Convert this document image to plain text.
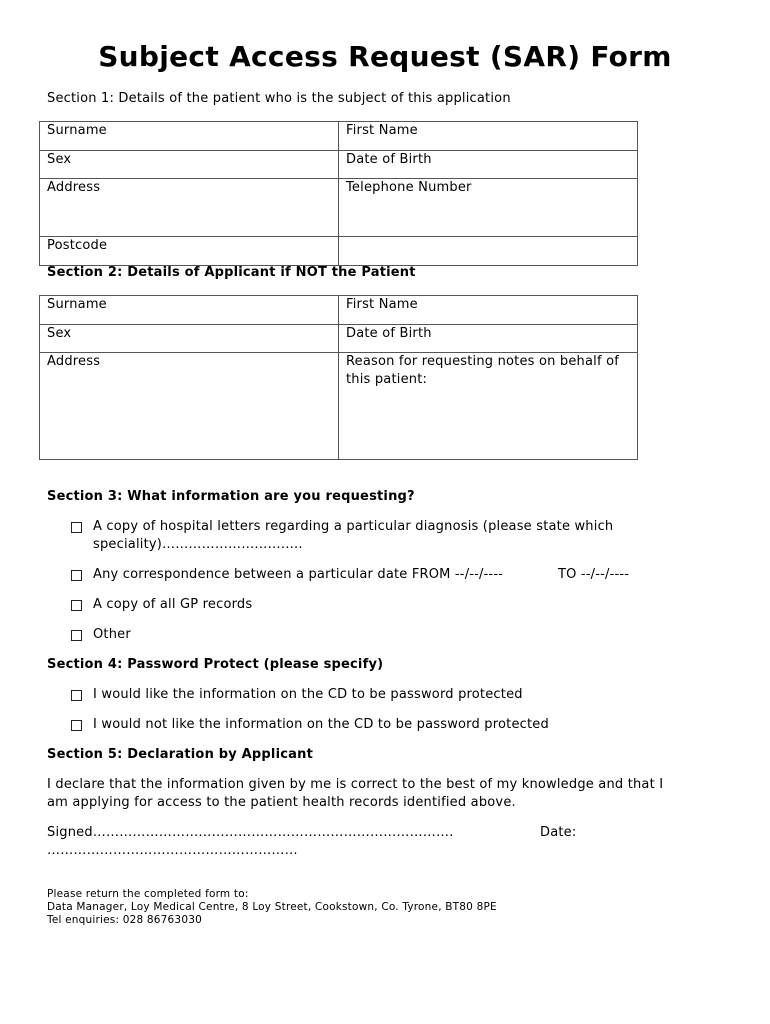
Subject Access Request (SAR) Form
Section 1: Details of the patient who is the subject of this application
Surname	First Name
Sex	Date of Birth
Address	Telephone Number
Postcode	
Section 2: Details of Applicant if NOT the Patient
Surname	First Name
Sex	Date of Birth
Address	Reason for requesting notes on behalf of this patient:
Section 3: What information are you requesting?
A copy of hospital letters regarding a particular diagnosis (please state which
speciality)…………………………..
Any correspondence between a particular date FROM --/--/----	TO --/--/----
A copy of all GP records
Other
Section 4: Password Protect (please specify)
I would like the information on the CD to be password protected
I would not like the information on the CD to be password protected
Section 5: Declaration by Applicant
I declare that the information given by me is correct to the best of my knowledge and that I
am applying for access to the patient health records identified above.
Signed……………………………………………………………………….	Date:
…………………………………………………
Please return the completed form to:
Data Manager, Loy Medical Centre, 8 Loy Street, Cookstown, Co. Tyrone, BT80 8PE
Tel enquiries: 028 86763030
